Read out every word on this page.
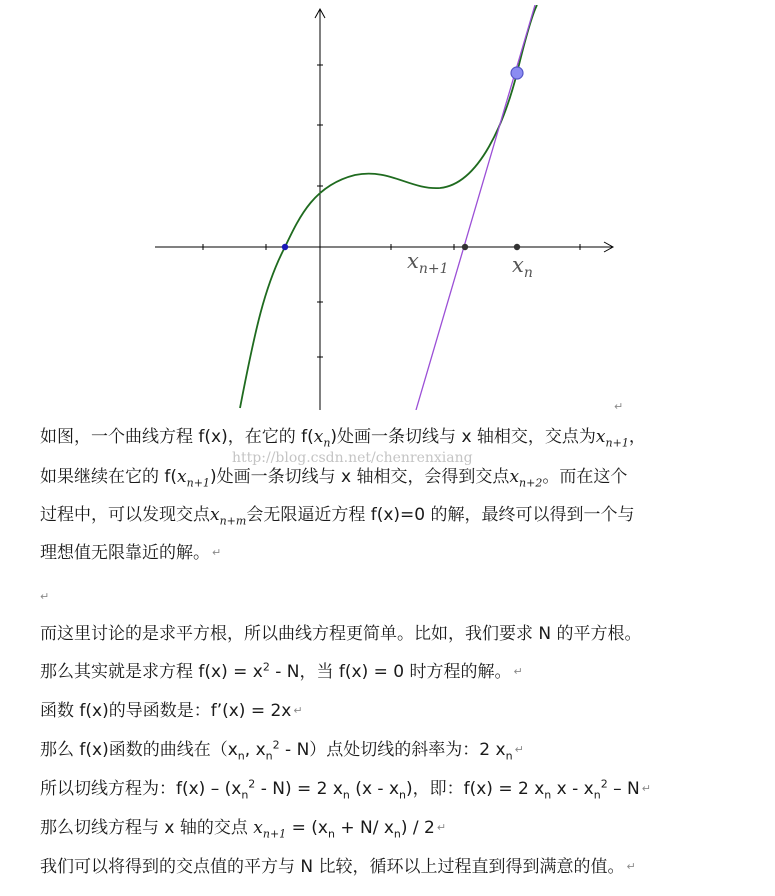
$x_{n+1}$	$x_n$
↵
http://blog.csdn.net/chenrenxiang
如图，一个曲线方程 f(x)，在它的 $f(x_n)$处画一条切线与 x 轴相交，交点为$x_{n+1}$，
如果继续在它的 $f(x_{n+1})$处画一条切线与 x 轴相交，会得到交点$x_{n+2}$。而在这个
过程中，可以发现交点$x_{n+m}$会无限逼近方程 f(x)=0 的解，最终可以得到一个与
理想值无限靠近的解。 ↵
↵
而这里讨论的是求平方根，所以曲线方程更简单。比如，我们要求 N 的平方根。
那么其实就是求方程 $f(x) = x^2 - N$，当 f(x) = 0 时方程的解。 ↵
函数 f(x)的导函数是：f’(x) = 2x ↵
那么 f(x)函数的曲线在（$x_n$, $x_n^2 - N$）点处切线的斜率为：2 $x_n$ ↵
所以切线方程为：$f(x) - (x_n^2 - N) = 2$ $x_n$ $(x - x_n)$，即：f(x) = 2 $x_n$ x - $x_n^2$ – N ↵
那么切线方程与 x 轴的交点 $x_{n+1} = (x_n + N/$ $x_n) / 2$ ↵
我们可以将得到的交点值的平方与 N 比较，循环以上过程直到得到满意的值。 ↵
